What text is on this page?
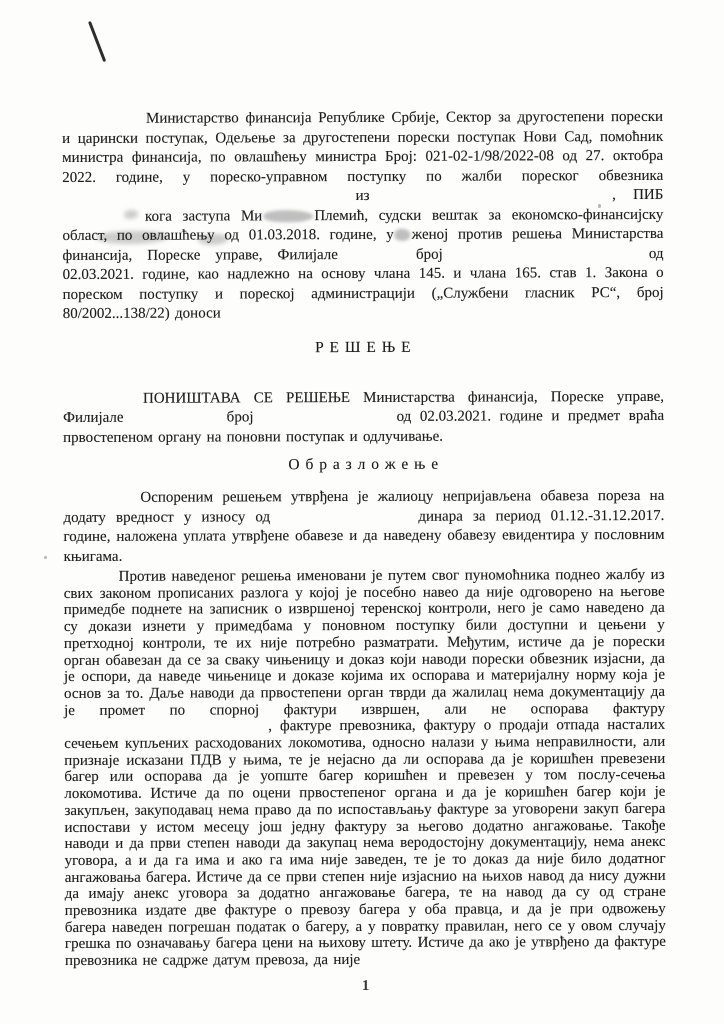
Министарство финансија Републике Србије, Сектор за другостепени порески и царински поступак, Одељење за другостепени порески поступак Нови Сад, помоћник министра финансија, по овлашћењу министра Број: 021-02-1/98/2022-08 од 27. октобра 2022. године, у пореско-управном поступку по жалби пореског обвезника  из	, ПИБ  кога заступа Ми	Племић, судски вештак за економско-финансијску област, по овлашћењу од 01.03.2018. године, у женој против решења Министарства финансија, Пореске управе, Филијале	број	од 02.03.2021. године, као надлежно на основу члана 145. и члана 165. став 1. Закона о пореском поступку и пореској администрацији („Службени гласник РС“, број 80/2002...138/22) доноси

Р Е Ш Е Њ Е

ПОНИШТАВА СЕ РЕШЕЊЕ Министарства финансија, Пореске управе, Филијале	број	од 02.03.2021. године и предмет враћа првостепеном органу на поновни поступак и одлучивање.

О б р а з л о ж е њ е

Оспореним решењем утврђена је жалиоцу непријављена обавеза пореза на додату вредност у износу од	динара за период 01.12.-31.12.2017. године, наложена уплата утврђене обавезе и да наведену обавезу евидентира у пословним књигама.

Против наведеног решења именовани је путем свог пуномоћника поднео жалбу из свих законом прописаних разлога у којој је посебно навео да није одговорено на његове примедбе поднете на записник о извршеној теренској контроли, него је само наведено да су докази изнети у примедбама у поновном поступку били доступни и цењени у претходној контроли, те их није потребно разматрати. Међутим, истиче да је порески орган обавезан да се за сваку чињеницу и доказ који наводи порески обвезник изјасни, да је оспори, да наведе чињенице и доказе којима их оспорава и материјалну норму која је основ за то. Даље наводи да првостепени орган тврди да жалилац нема документацију да је промет по спорној фактури извршен, али не оспорава фактуру  , фактуре превозника, фактуру о продаји отпада насталих сечењем купљених расходованих локомотива, односно налази у њима неправилности, али признаје исказани ПДВ у њима, те је нејасно да ли оспорава да је коришћен превезени багер или оспорава да је уопште багер коришћен и превезен у том послу-сечења локомотива. Истиче да по оцени првостепеног органа и да је коришћен багер који је закупљен, закуподавац нема право да по испостављању фактуре за уговорени закуп багера испостави у истом месецу још једну фактуру за његово додатно ангажовање. Такође наводи и да први степен наводи да закупац нема веродостојну документацију, нема анекс уговора, а и да га има и ако га има није заведен, те је то доказ да није било додатног ангажовања багера. Истиче да се први степен није изјаснио на њихов навод да нису дужни да имају анекс уговора за додатно ангажовање багера, те на навод да су од стране превозника издате две фактуре о превозу багера у оба правца, и да је при одвожењу багера наведен погрешан податак о багеру, а у повратку правилан, него се у овом случају грешка по означавању багера цени на њихову штету. Истиче да ако је утврђено да фактуре превозника не садрже датум превоза, да није

1
